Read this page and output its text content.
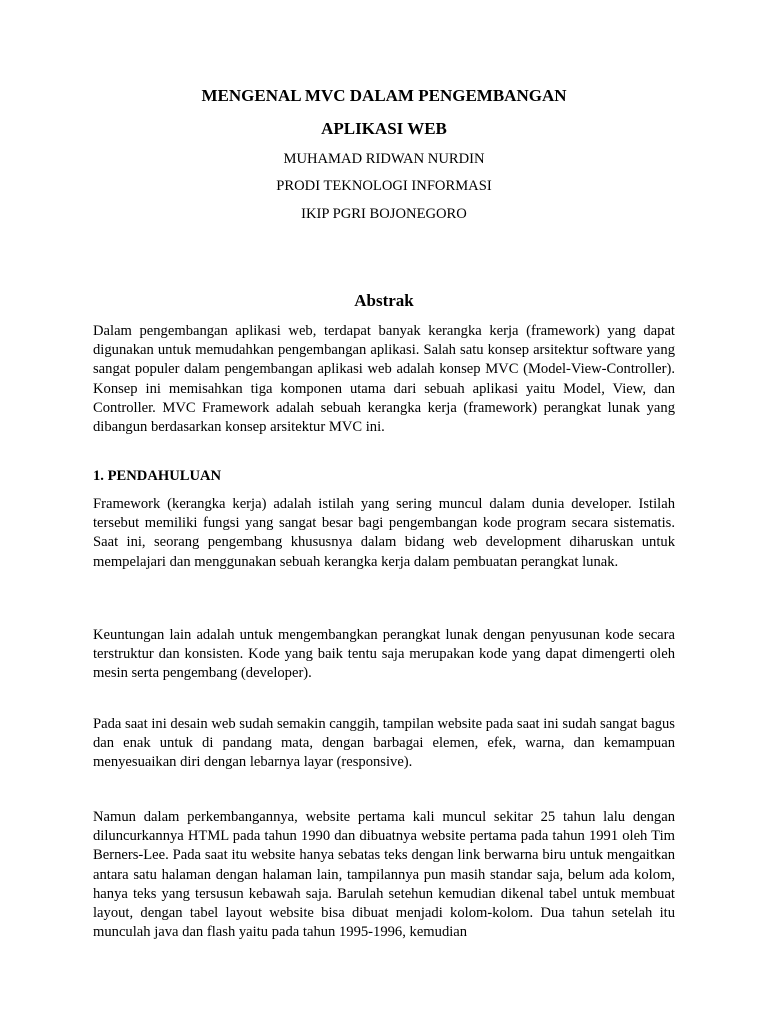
MENGENAL MVC DALAM PENGEMBANGAN
APLIKASI WEB

MUHAMAD RIDWAN NURDIN

PRODI TEKNOLOGI INFORMASI

IKIP PGRI BOJONEGORO

Abstrak

Dalam pengembangan aplikasi web, terdapat banyak kerangka kerja (framework) yang dapat digunakan untuk memudahkan pengembangan aplikasi. Salah satu konsep arsitektur software yang sangat populer dalam pengembangan aplikasi web adalah konsep MVC (Model-View-Controller). Konsep ini memisahkan tiga komponen utama dari sebuah aplikasi yaitu Model, View, dan Controller. MVC Framework adalah sebuah kerangka kerja (framework) perangkat lunak yang dibangun berdasarkan konsep arsitektur MVC ini.

1. PENDAHULUAN

Framework (kerangka kerja) adalah istilah yang sering muncul dalam dunia developer. Istilah tersebut memiliki fungsi yang sangat besar bagi pengembangan kode program secara sistematis. Saat ini, seorang pengembang khususnya dalam bidang web development diharuskan untuk mempelajari dan menggunakan sebuah kerangka kerja dalam pembuatan perangkat lunak.

Keuntungan lain adalah untuk mengembangkan perangkat lunak dengan penyusunan kode secara terstruktur dan konsisten. Kode yang baik tentu saja merupakan kode yang dapat dimengerti oleh mesin serta pengembang (developer).

Pada saat ini desain web sudah semakin canggih, tampilan website pada saat ini sudah sangat bagus dan enak untuk di pandang mata, dengan barbagai elemen, efek, warna, dan kemampuan menyesuaikan diri dengan lebarnya layar (responsive).

Namun dalam perkembangannya, website pertama kali muncul sekitar 25 tahun lalu dengan diluncurkannya HTML pada tahun 1990 dan dibuatnya website pertama pada tahun 1991 oleh Tim Berners-Lee. Pada saat itu website hanya sebatas teks dengan link berwarna biru untuk mengaitkan antara satu halaman dengan halaman lain, tampilannya pun masih standar saja, belum ada kolom, hanya teks yang tersusun kebawah saja. Barulah setehun kemudian dikenal tabel untuk membuat layout, dengan tabel layout website bisa dibuat menjadi kolom-kolom. Dua tahun setelah itu munculah java dan flash yaitu pada tahun 1995-1996, kemudian
